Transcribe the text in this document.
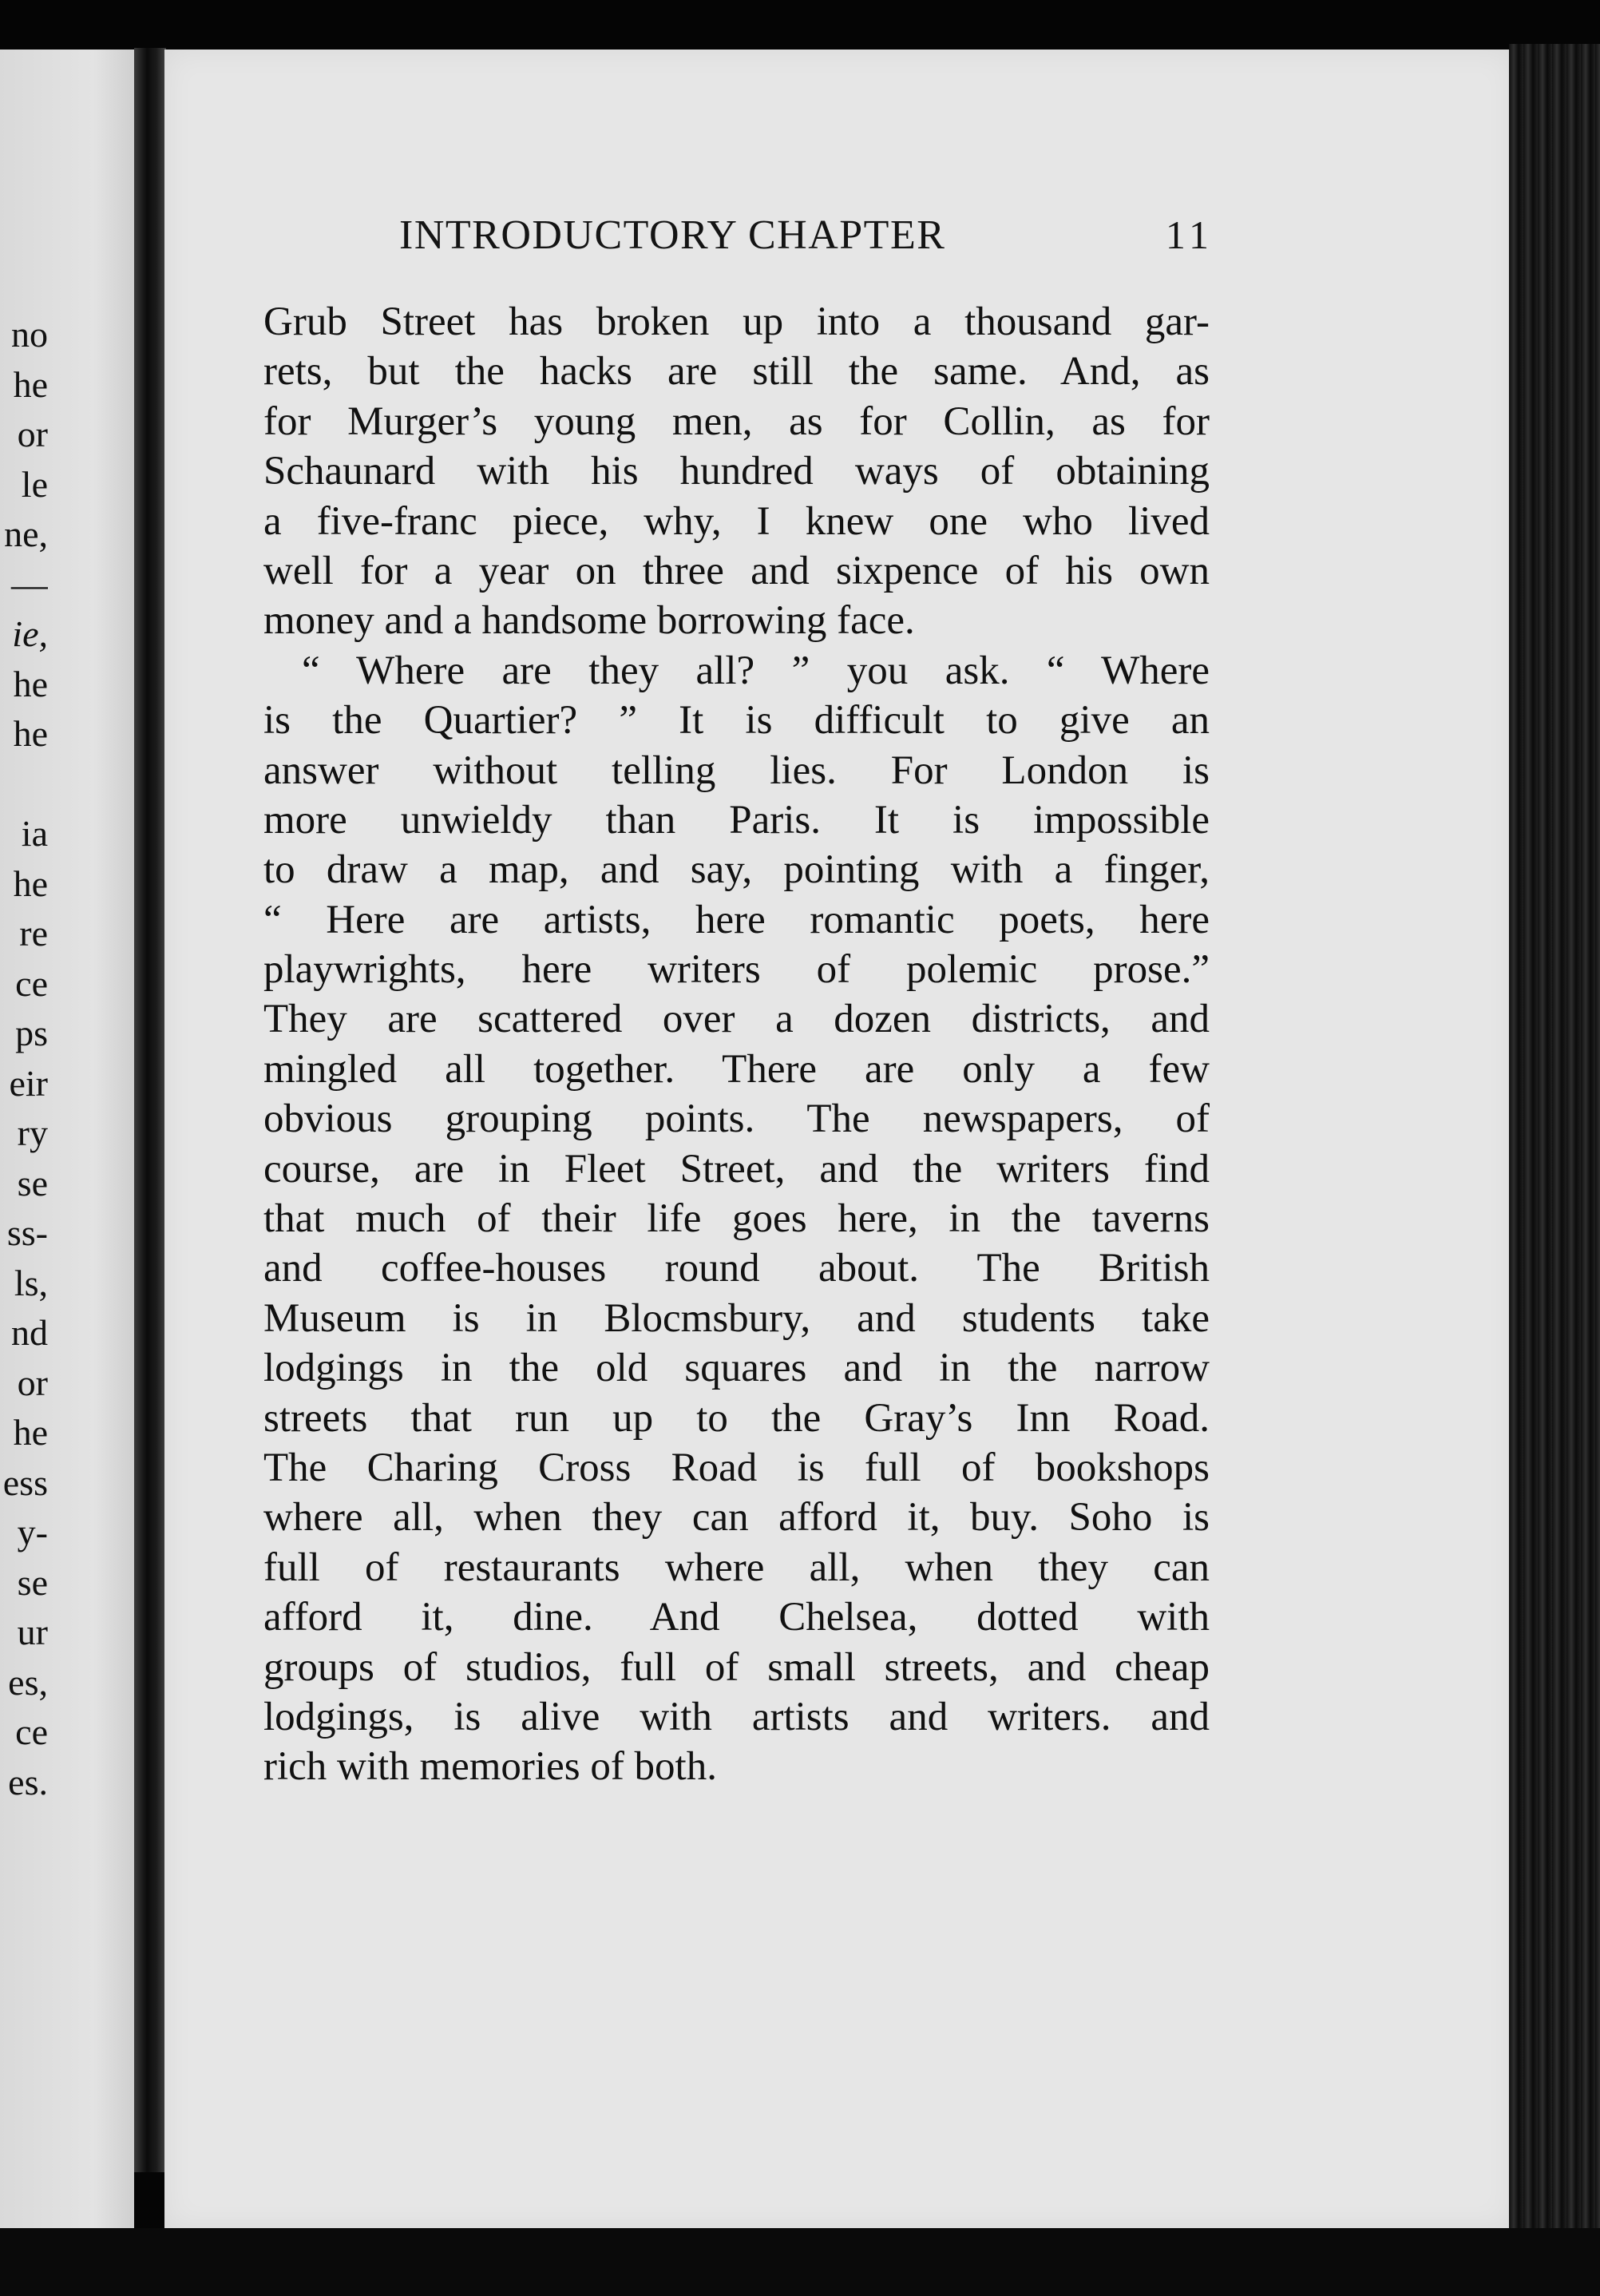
no
he
or
le
ne,
—
ie,
he
he
ia
he
re
ce
ps
eir
ry
se
ss-
ls,
nd
or
he
ess
y-
se
ur
es,
ce
es.
INTRODUCTORY CHAPTER	11
Grub Street has broken up into a thousand gar-
rets, but the hacks are still the same. And, as
for Murger’s young men, as for Collin, as for
Schaunard with his hundred ways of obtaining
a five-franc piece, why, I knew one who lived
well for a year on three and sixpence of his own
money and a handsome borrowing face.
“ Where are they all? ” you ask. “ Where
is the Quartier? ” It is difficult to give an
answer without telling lies. For London is
more unwieldy than Paris. It is impossible
to draw a map, and say, pointing with a finger,
“ Here are artists, here romantic poets, here
playwrights, here writers of polemic prose.”
They are scattered over a dozen districts, and
mingled all together. There are only a few
obvious grouping points. The newspapers, of
course, are in Fleet Street, and the writers find
that much of their life goes here, in the taverns
and coffee-houses round about. The British
Museum is in Blocmsbury, and students take
lodgings in the old squares and in the narrow
streets that run up to the Gray’s Inn Road.
The Charing Cross Road is full of bookshops
where all, when they can afford it, buy. Soho is
full of restaurants where all, when they can
afford it, dine. And Chelsea, dotted with
groups of studios, full of small streets, and cheap
lodgings, is alive with artists and writers. and
rich with memories of both.
